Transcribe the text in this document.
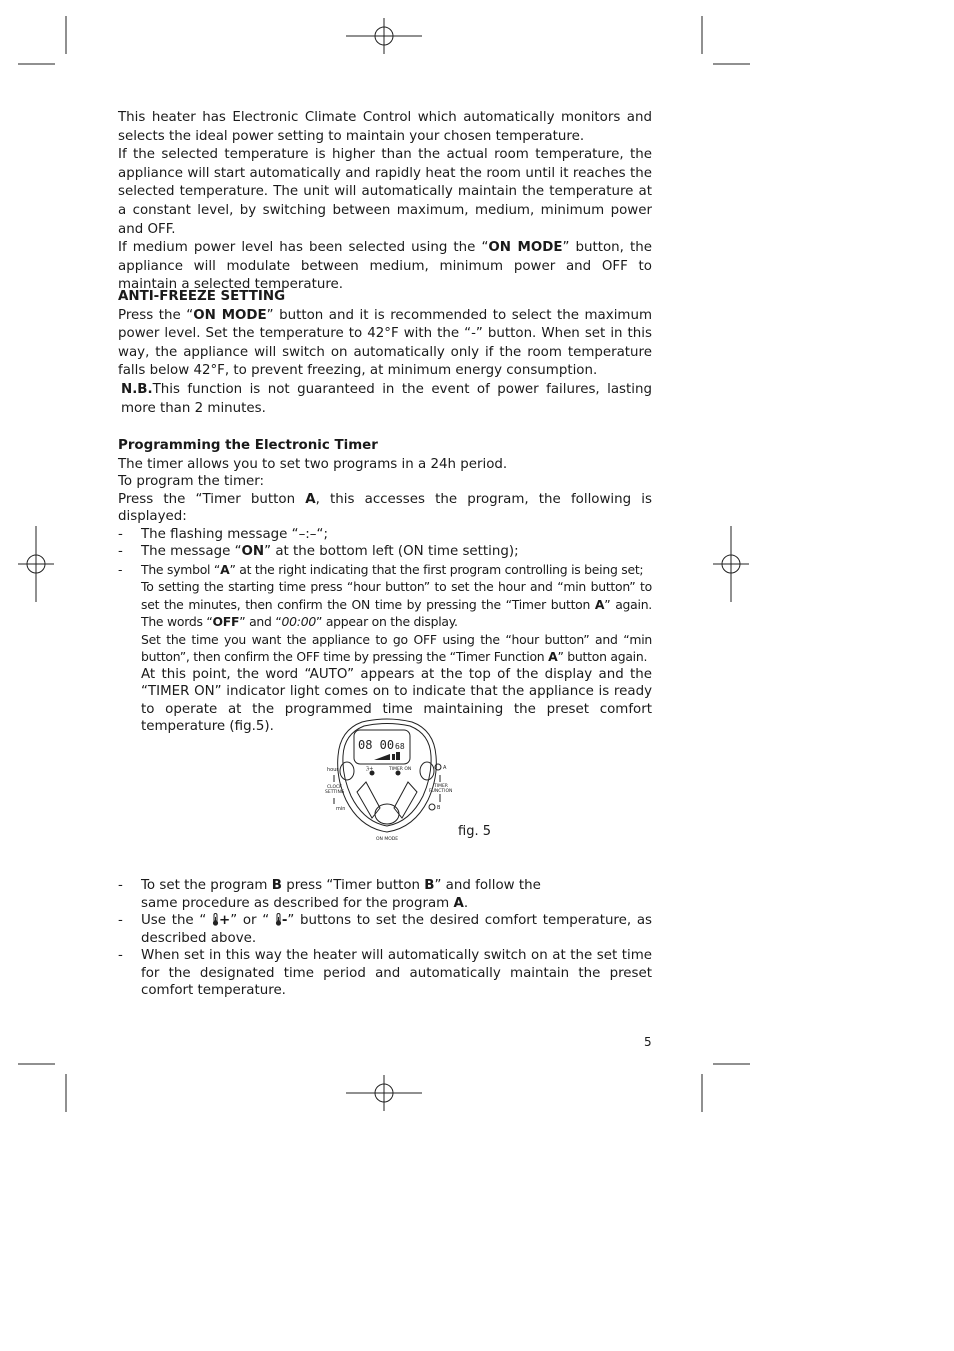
This heater has Electronic Climate Control which automatically monitors and selects the ideal power setting to maintain your chosen temperature.

If the selected temperature is higher than the actual room temperature, the appliance will start automatically and rapidly heat the room until it reaches the selected temperature. The unit will automatically maintain the temperature at a constant level, by switching between maximum, medium, minimum power and OFF.

If medium power level has been selected using the “ON MODE” button, the appliance will modulate between medium, minimum power and OFF to maintain a selected temperature.

ANTI-FREEZE SETTING

Press the “ON MODE” button and it is recommended to select the maximum power level. Set the temperature to 42°F with the “-” button. When set in this way, the appliance will switch on automatically only if the room temperature falls below 42°F, to prevent freezing, at minimum energy consumption.

N.B.This function is not guaranteed in the event of power failures, lasting more than 2 minutes.

Programming the Electronic Timer

The timer allows you to set two programs in a 24h period.

To program the timer:

Press the “Timer button A, this accesses the program, the following is displayed:

- The flashing message “–:–“;

- The message “ON” at the bottom left (ON time setting);

- The symbol “A” at the right indicating that the first program controlling is being set;

To setting the starting time press “hour button” to set the hour and “min button” to set the minutes, then confirm the ON time by pressing the “Timer button A” again. The words “OFF” and “00:00” appear on the display.

Set the time you want the appliance to go OFF using the “hour button” and “min button”, then confirm the OFF time by pressing the “Timer Function A” button again.

At this point, the word “AUTO” appears at the top of the display and the “TIMER ON” indicator light comes on to indicate that the appliance is ready to operate at the programmed time maintaining the preset comfort temperature (fig.5).

08 00 68
ℨ+	TIMER ON
hour
CLOCK
SETTING
min
A
TIMER
FUNCTION
B
ON MODE
fig. 5

- To set the program B press “Timer button B” and follow the
same procedure as described for the program A.

- Use the “ +” or “ -” buttons to set the desired comfort temperature, as described above.

- When set in this way the heater will automatically switch on at the set time for the designated time period and automatically maintain the preset comfort temperature.

5
